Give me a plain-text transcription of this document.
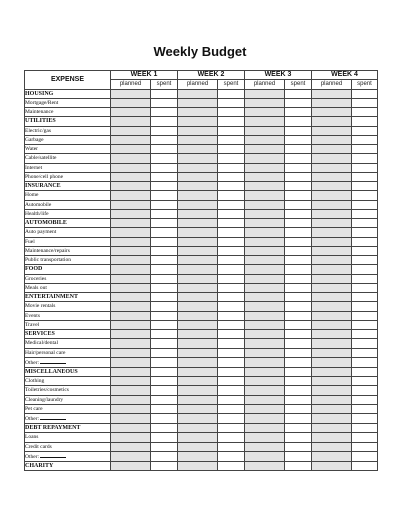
Weekly Budget
EXPENSE	WEEK 1		WEEK 2		WEEK 3		WEEK 4	
	planned	spent	planned	spent	planned	spent	planned	spent
HOUSING								
Mortgage/Rent								
Maintenance								
UTILITIES								
Electric/gas								
Garbage								
Water								
Cable/satellite								
Internet								
Phone/cell phone								
INSURANCE								
Home								
Automobile								
Health/life								
AUTOMOBILE								
Auto payment								
Fuel								
Maintenance/repairs								
Public transportation								
FOOD								
Groceries								
Meals out								
ENTERTAINMENT								
Movie rentals								
Events								
Travel								
SERVICES								
Medical/dental								
Hair/personal care								
Other:								
MISCELLANEOUS								
Clothing								
Toiletries/cosmetics								
Cleaning/laundry								
Pet care								
Other:								
DEBT REPAYMENT								
Loans								
Credit cards								
Other:								
CHARITY								
